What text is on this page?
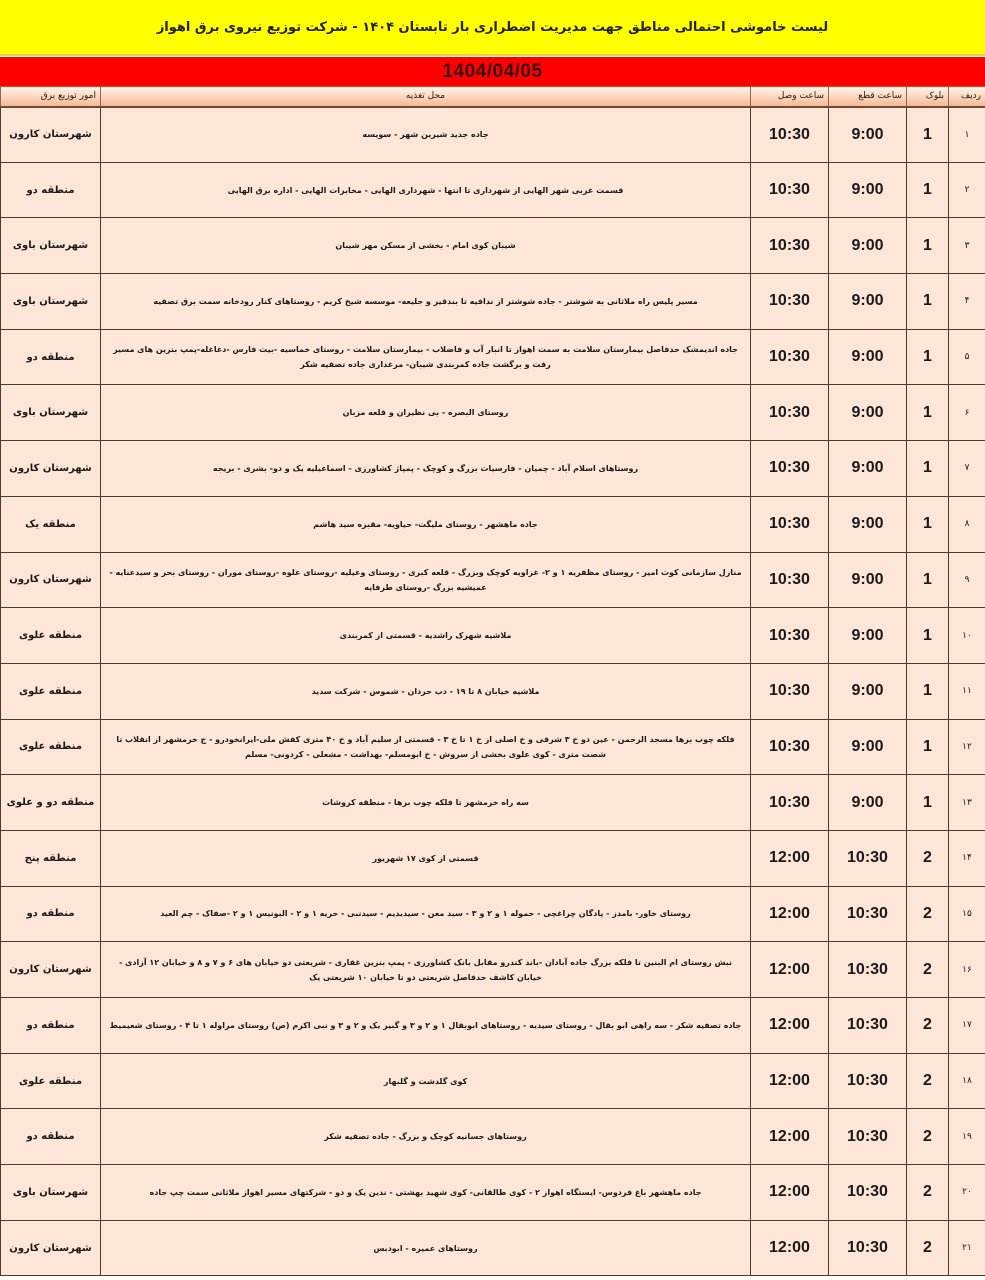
لیست خاموشی احتمالی مناطق جهت مدیریت اضطراری بار تابستان ۱۴۰۴ - شرکت توزیع نیروی برق اهواز
1404/04/05
ردیف	بلوک	ساعت قطع	ساعت وصل	محل تغذیه	امور توزیع برق
۱	1	9:00	10:30	جاده جدید شیرین شهر - سویسه	شهرستان کارون
۲	1	9:00	10:30	قسمت غربی شهر الهایی از شهرداری تا انتها - شهرداری الهایی - مخابرات الهایی - اداره برق الهایی	منطقه دو
۳	1	9:00	10:30	شیبان کوی امام - بخشی از مسکن مهر شیبان	شهرستان باوی
۴	1	9:00	10:30	مسیر پلیس راه ملاثانی به شوشتر - جاده شوشتر از ندافیه تا بندقیر و جلیعه- موسسه شیخ کریم - روستاهای کنار رودخانه سمت برق تصفیه	شهرستان باوی
۵	1	9:00	10:30	جاده اندیمشک حدفاصل بیمارستان سلامت به سمت اهواز تا انبار آب و فاضلاب - بیمارستان سلامت - روستای خماسیه -بیت فارس -دغاغله-پمپ بنزین های مسیر رفت و برگشت جاده کمربندی شیبان- مرغداری جاده تصفیه شکر	منطقه دو
۶	1	9:00	10:30	روستای البصره - بی نظیران و قلعه مزبان	شهرستان باوی
۷	1	9:00	10:30	روستاهای اسلام آباد - چمیان - فارسیات بزرگ و کوچک - پمپاژ کشاورزی - اسماعیلیه یک و دو- بشری - بریجه	شهرستان کارون
۸	1	9:00	10:30	جاده ماهشهر - روستای ملیگت- حیاویه- مقبره سید هاشم	منطقه یک
۹	1	9:00	10:30	منازل سازمانی کوت امیر - روستای مظفریه ۱ و ۲- غزاویه کوچک وبزرگ - قلعه کبری - روستای وعیلیه -روستای علوه -روستای موران - روستای بحر و سیدعنایه - عمیشیه بزرگ -روستای طرفایه	شهرستان کارون
۱۰	1	9:00	10:30	ملاشیه شهرک راشدیه - قسمتی از کمربندی	منطقه علوی
۱۱	1	9:00	10:30	ملاشیه خیابان ۸ تا ۱۹ - دب حردان - شموس - شرکت سدید	منطقه علوی
۱۲	1	9:00	10:30	فلکه چوب برها مسجد الرحمن - عین دو خ ۳ شرقی و خ اصلی از خ ۱ تا خ ۳ - قسمتی از سلیم آباد و خ ۴۰ متری کفش ملی-ایرانخودرو - ج خرمشهر از انقلاب تا شصت متری - کوی علوی بخشی از سروش - خ ابومسلم- بهداشت - مشعلی - کردونی- مسلم	منطقه علوی
۱۳	1	9:00	10:30	سه راه خرمشهر تا فلکه چوب برها - منطقه کروشات	منطقه دو و علوی
۱۴	2	10:30	12:00	قسمتی از کوی ۱۷ شهریور	منطقه پنج
۱۵	2	10:30	12:00	روستای خاور- بامدز - پادگان چراغچی - حموله ۱ و ۲ و ۳ - سید معن - سیدیدیم - سیدنبی - حریه ۱ و ۲ - البونیس ۱ و ۲ -صفاک - چم العید	منطقه دو
۱۶	2	10:30	12:00	نبش روستای ام البنین تا فلکه بزرگ جاده آبادان -باند کندرو مقابل بانک کشاورزی - پمپ بنزین غفاری - شریعتی دو خیابان های ۶ و ۷ و ۸ و خیابان ۱۲ آزادی - خیابان کاشف حدفاصل شریعتی دو تا خیابان ۱۰ شریعتی یک	شهرستان کارون
۱۷	2	10:30	12:00	جاده تصفیه شکر - سه راهی ابو بقال - روستای سیدیه - روستاهای ابوبقال ۱ و ۲ و ۳ و گبیر یک و ۲ و ۳ و نبی اکرم (ص) روستای مراوله ۱ تا ۴ - روستای شعیمیط	منطقه دو
۱۸	2	10:30	12:00	کوی گلدشت و گلبهار	منطقه علوی
۱۹	2	10:30	12:00	روستاهای جسانیه کوچک و بزرگ - جاده تصفیه شکر	منطقه دو
۲۰	2	10:30	12:00	جاده ماهشهر باغ فردوس- ایستگاه اهواز ۲ - کوی طالقانی- کوی شهید بهشتی - ندین یک و دو - شرکتهای مسیر اهواز ملاثانی سمت چپ جاده	شهرستان باوی
۲۱	2	10:30	12:00	روستاهای عمیره - ابودبس	شهرستان کارون
